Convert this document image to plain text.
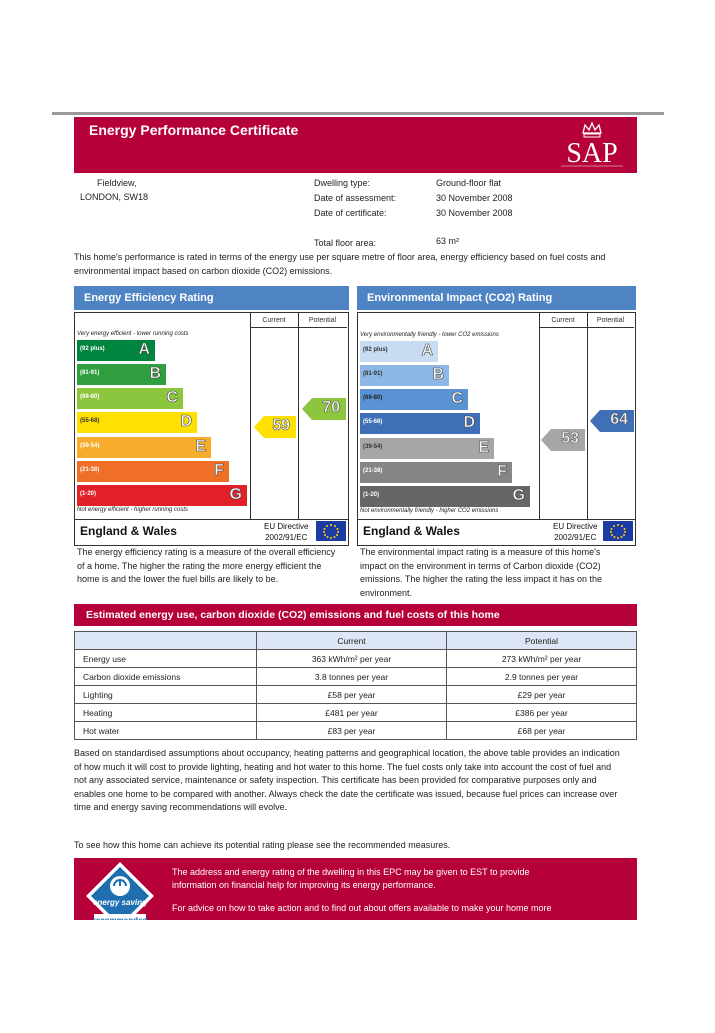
Energy Performance Certificate
SAP
Fieldview,
LONDON, SW18
Dwelling type:	Ground-floor flat
Date of assessment:	30 November 2008
Date of certificate:	30 November 2008
Total floor area:	63 m²
This home's performance is rated in terms of the energy use per square metre of floor area, energy efficiency based on fuel costs and environmental impact based on carbon dioxide (CO2) emissions.
Energy Efficiency Rating
Current	Potential
Very energy efficient - lower running costs
(92 plus) A
(81-91)	B
(69-80)	C
(55-68)	D
(39-54)	E
(21-38)	F
(1-20)	G
Not energy efficient - higher running costs
59
70
England & Wales	EU Directive
2002/91/EC
The energy efficiency rating is a measure of the overall efficiency of a home. The higher the rating the more energy efficient the home is and the lower the fuel bills are likely to be.
Environmental Impact (CO2) Rating
Current	Potential
Very environmentally friendly - lower CO2 emissions
(92 plus) A
(81-91)	B
(69-80)	C
(55-68)	D
(39-54)	E
(21-38)	F
(1-20)	G
Not environmentally friendly - higher CO2 emissions
53
64
England & Wales	EU Directive
2002/91/EC
The environmental impact rating is a measure of this home's impact on the environment in terms of Carbon dioxide (CO2) emissions. The higher the rating the less impact it has on the environment.
Estimated energy use, carbon dioxide (CO2) emissions and fuel costs of this home
	Current	Potential
Energy use	363 kWh/m² per year	273 kWh/m² per year
Carbon dioxide emissions	3.8 tonnes per year	2.9 tonnes per year
Lighting	£58 per year	£29 per year
Heating	£481 per year	£386 per year
Hot water	£83 per year	£68 per year
Based on standardised assumptions about occupancy, heating patterns and geographical location, the above table provides an indication of how much it will cost to provide lighting, heating and hot water to this home. The fuel costs only take into account the cost of fuel and not any associated service, maintenance or safety inspection. This certificate has been provided for comparative purposes only and enables one home to be compared with another. Always check the date the certificate was issued, because fuel prices can increase over time and energy saving recommendations will evolve.
To see how this home can achieve its potential rating please see the recommended measures.
energy saving
recommended
The address and energy rating of the dwelling in this EPC may be given to EST to provide information on financial help for improving its energy performance.
For advice on how to take action and to find out about offers available to make your home more
